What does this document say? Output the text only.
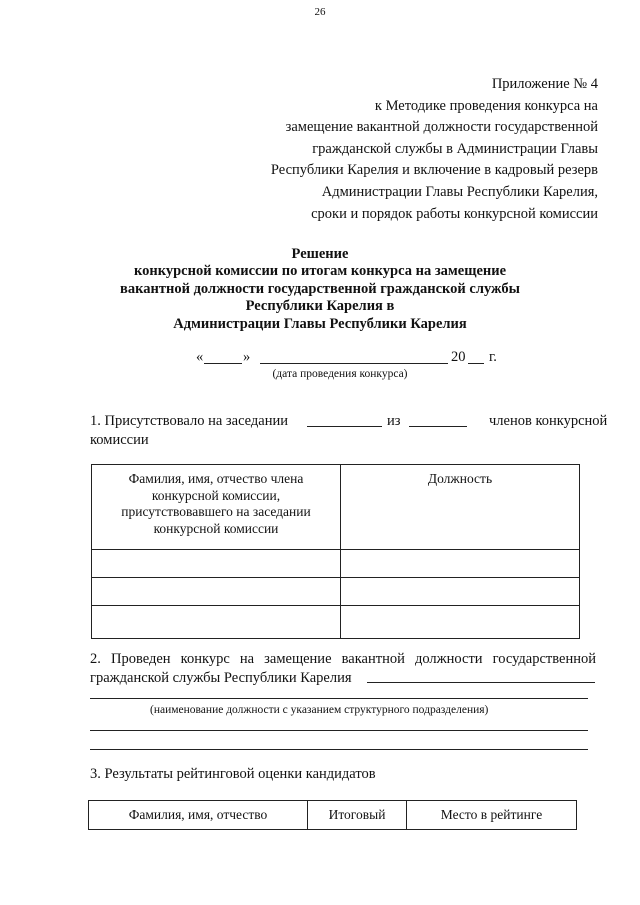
26
Приложение № 4
к Методике проведения конкурса на
замещение вакантной должности государственной
гражданской службы в Администрации Главы
Республики Карелия и включение в кадровый резерв
Администрации Главы Республики Карелия,
сроки и порядок работы конкурсной комиссии
Решение
конкурсной комиссии по итогам конкурса на замещение
вакантной должности государственной гражданской службы
Республики Карелия в
Администрации Главы Республики Карелия
«	»	20 г.
(дата проведения конкурса)
1. Присутствовало на заседании	из	членов конкурсной
комиссии
Фамилия, имя, отчество члена
конкурсной комиссии,
присутствовавшего на заседании
конкурсной комиссии	Должность

2. Проведен конкурс на замещение вакантной должности государственной
гражданской службы Республики Карелия
(наименование должности с указанием структурного подразделения)
3. Результаты рейтинговой оценки кандидатов
Фамилия, имя, отчество	Итоговый	Место в рейтинге
